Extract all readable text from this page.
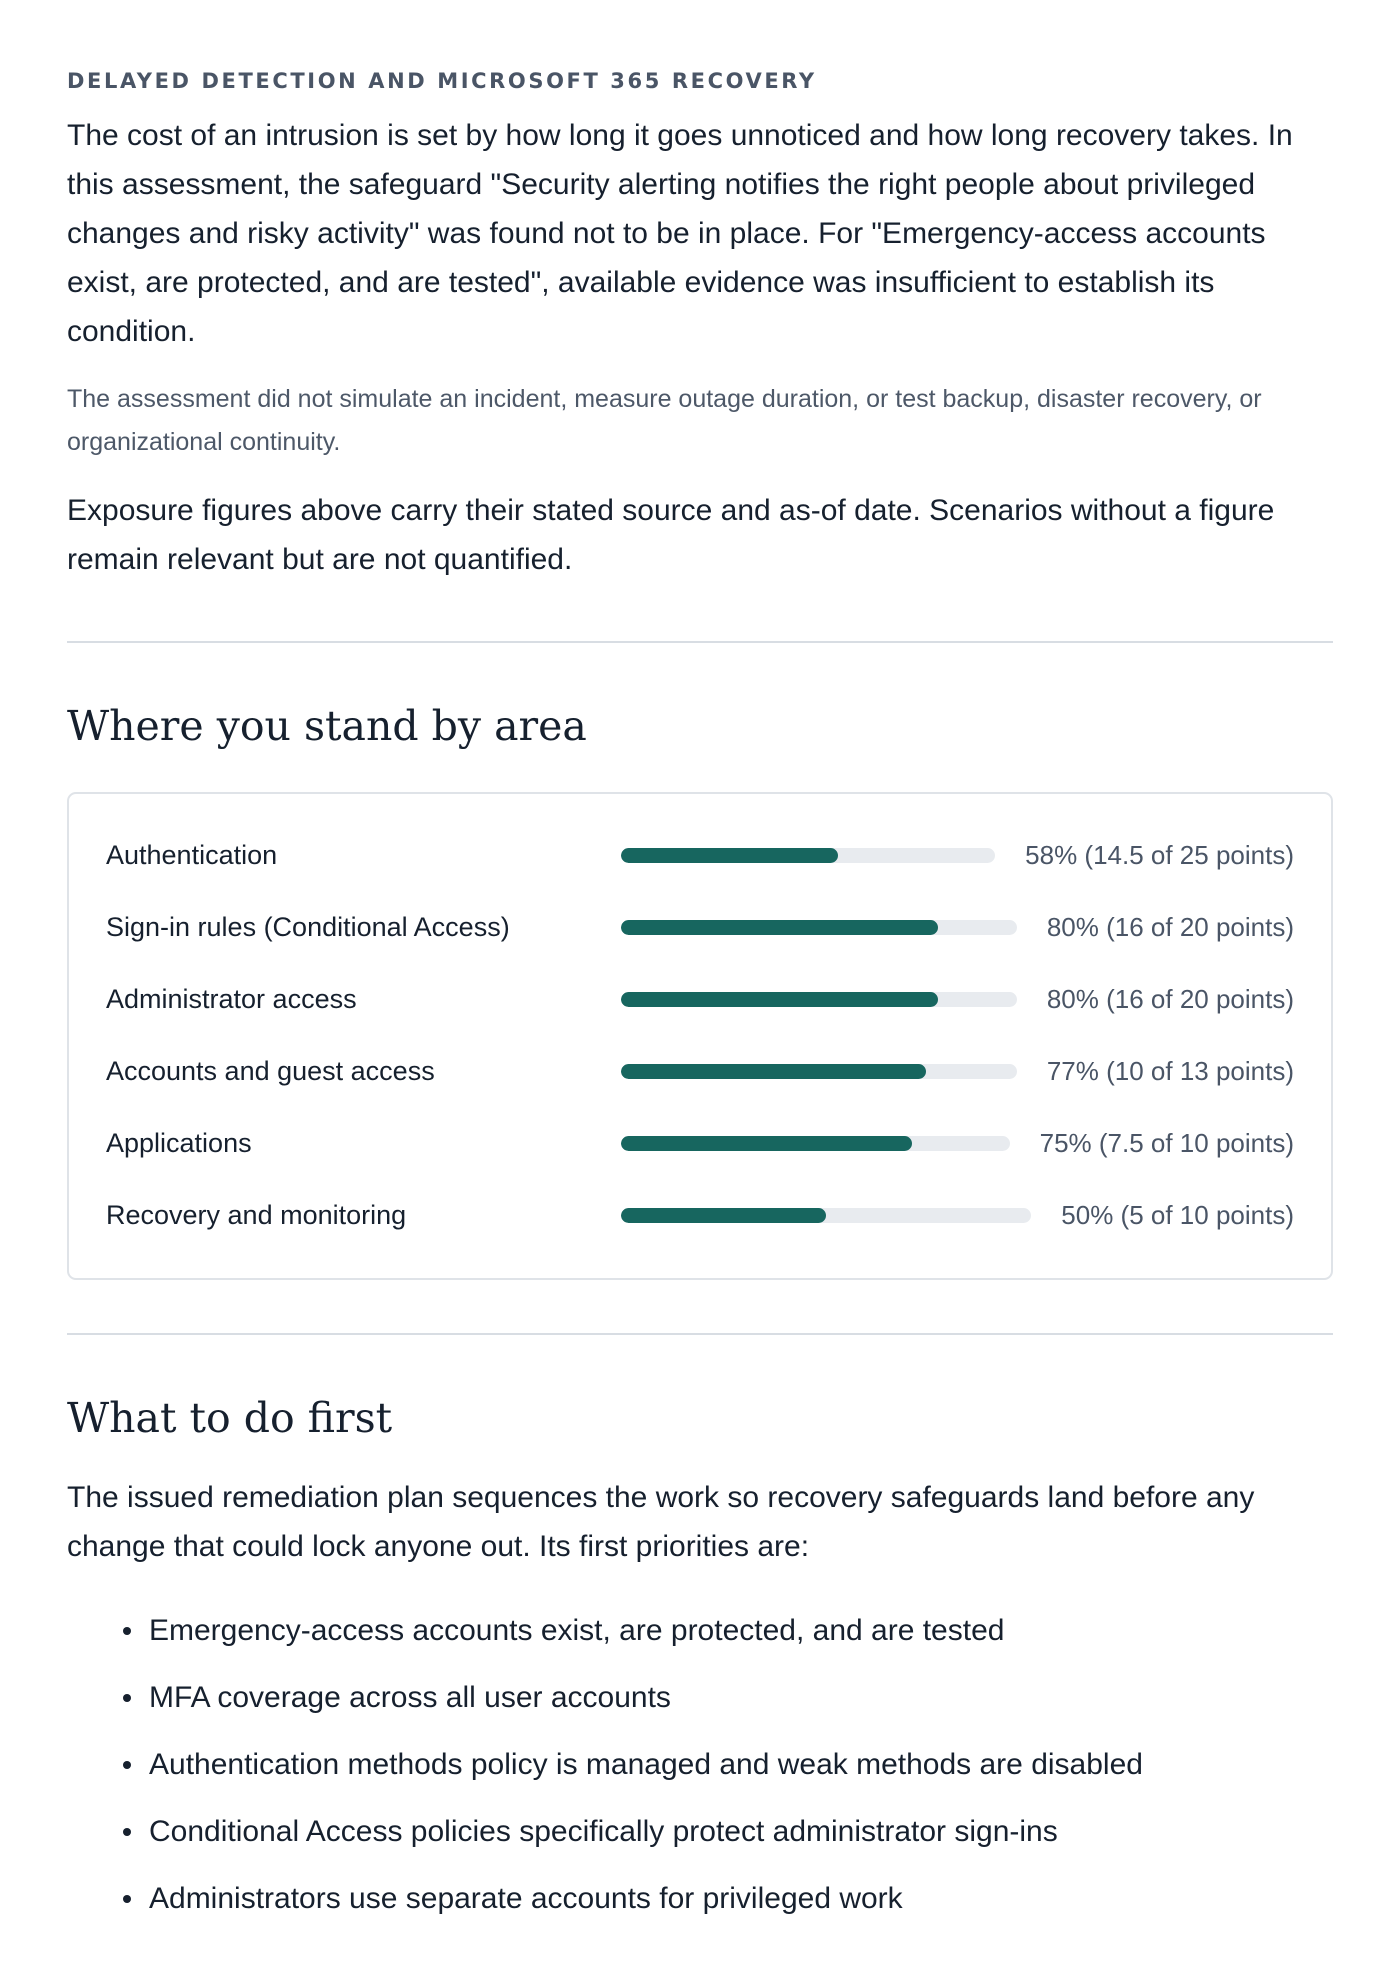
DELAYED DETECTION AND MICROSOFT 365 RECOVERY

The cost of an intrusion is set by how long it goes unnoticed and how long recovery takes. In this assessment, the safeguard "Security alerting notifies the right people about privileged changes and risky activity" was found not to be in place. For "Emergency-access accounts exist, are protected, and are tested", available evidence was insufficient to establish its condition.

The assessment did not simulate an incident, measure outage duration, or test backup, disaster recovery, or organizational continuity.

Exposure figures above carry their stated source and as-of date. Scenarios without a figure remain relevant but are not quantified.

Where you stand by area
Authentication	58% (14.5 of 25 points)
Sign-in rules (Conditional Access)	80% (16 of 20 points)
Administrator access	80% (16 of 20 points)
Accounts and guest access	77% (10 of 13 points)
Applications	75% (7.5 of 10 points)
Recovery and monitoring	50% (5 of 10 points)
What to do first

The issued remediation plan sequences the work so recovery safeguards land before any change that could lock anyone out. Its first priorities are:

Emergency-access accounts exist, are protected, and are tested
MFA coverage across all user accounts
Authentication methods policy is managed and weak methods are disabled
Conditional Access policies specifically protect administrator sign-ins
Administrators use separate accounts for privileged work
